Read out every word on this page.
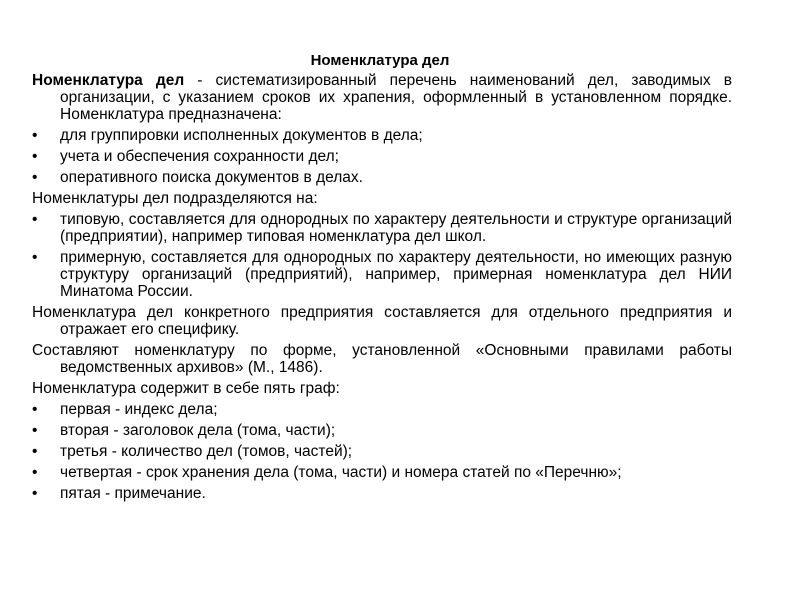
Номенклатура дел
Номенклатура дел - систематизированный перечень наименований дел, заводимых в организации, с указанием сроков их храпения, оформленный в установленном порядке. Номенклатура предназначена:
•	для группировки исполненных документов в дела;
•	учета и обеспечения сохранности дел;
•	оперативного поиска документов в делах.
Номенклатуры дел подразделяются на:
•	типовую, составляется для однородных по характеру деятельности и структуре организаций (предприятии), например типовая номенклатура дел школ.
•	примерную, составляется для однородных по характеру деятельности, но имеющих разную структуру организаций (предприятий), например, примерная номенклатура дел НИИ Минатома России.
Номенклатура дел конкретного предприятия составляется для отдельного предприятия и отражает его специфику.
Составляют номенклатуру по форме, установленной «Основными правилами работы ведомственных архивов» (М., 1486).
Номенклатура содержит в себе пять граф:
•	первая - индекс дела;
•	вторая - заголовок дела (тома, части);
•	третья - количество дел (томов, частей);
•	четвертая - срок хранения дела (тома, части) и номера статей по «Перечню»;
•	пятая - примечание.
